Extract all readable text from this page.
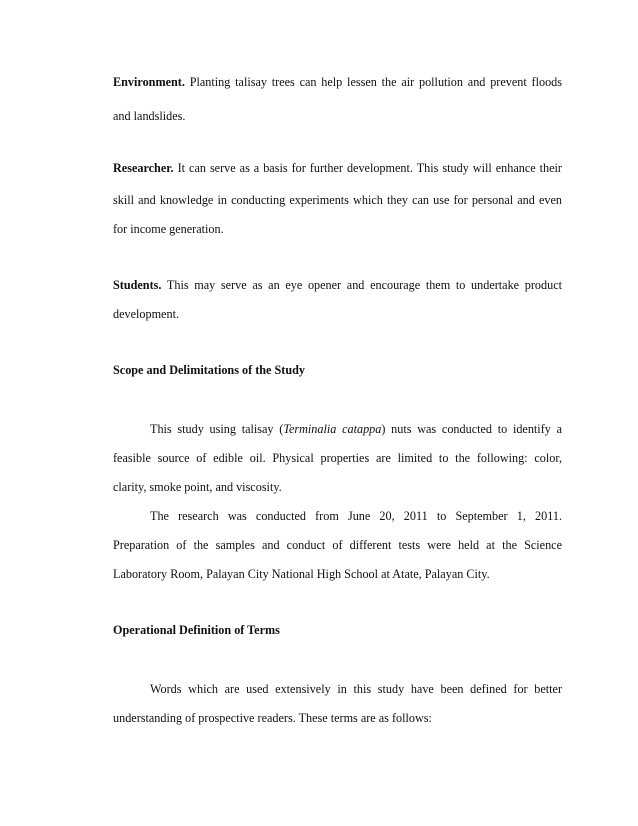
Environment. Planting talisay trees can help lessen the air pollution and prevent floods
and landslides.
Researcher. It can serve as a basis for further development. This study will enhance their
skill and knowledge in conducting experiments which they can use for personal and even
for income generation.
Students. This may serve as an eye opener and encourage them to undertake product
development.
Scope and Delimitations of the Study
This study using talisay (Terminalia catappa) nuts was conducted to identify a
feasible source of edible oil. Physical properties are limited to the following: color,
clarity, smoke point, and viscosity.
The research was conducted from June 20, 2011 to September 1, 2011.
Preparation of the samples and conduct of different tests were held at the Science
Laboratory Room, Palayan City National High School at Atate, Palayan City.
Operational Definition of Terms
Words which are used extensively in this study have been defined for better
understanding of prospective readers. These terms are as follows:
